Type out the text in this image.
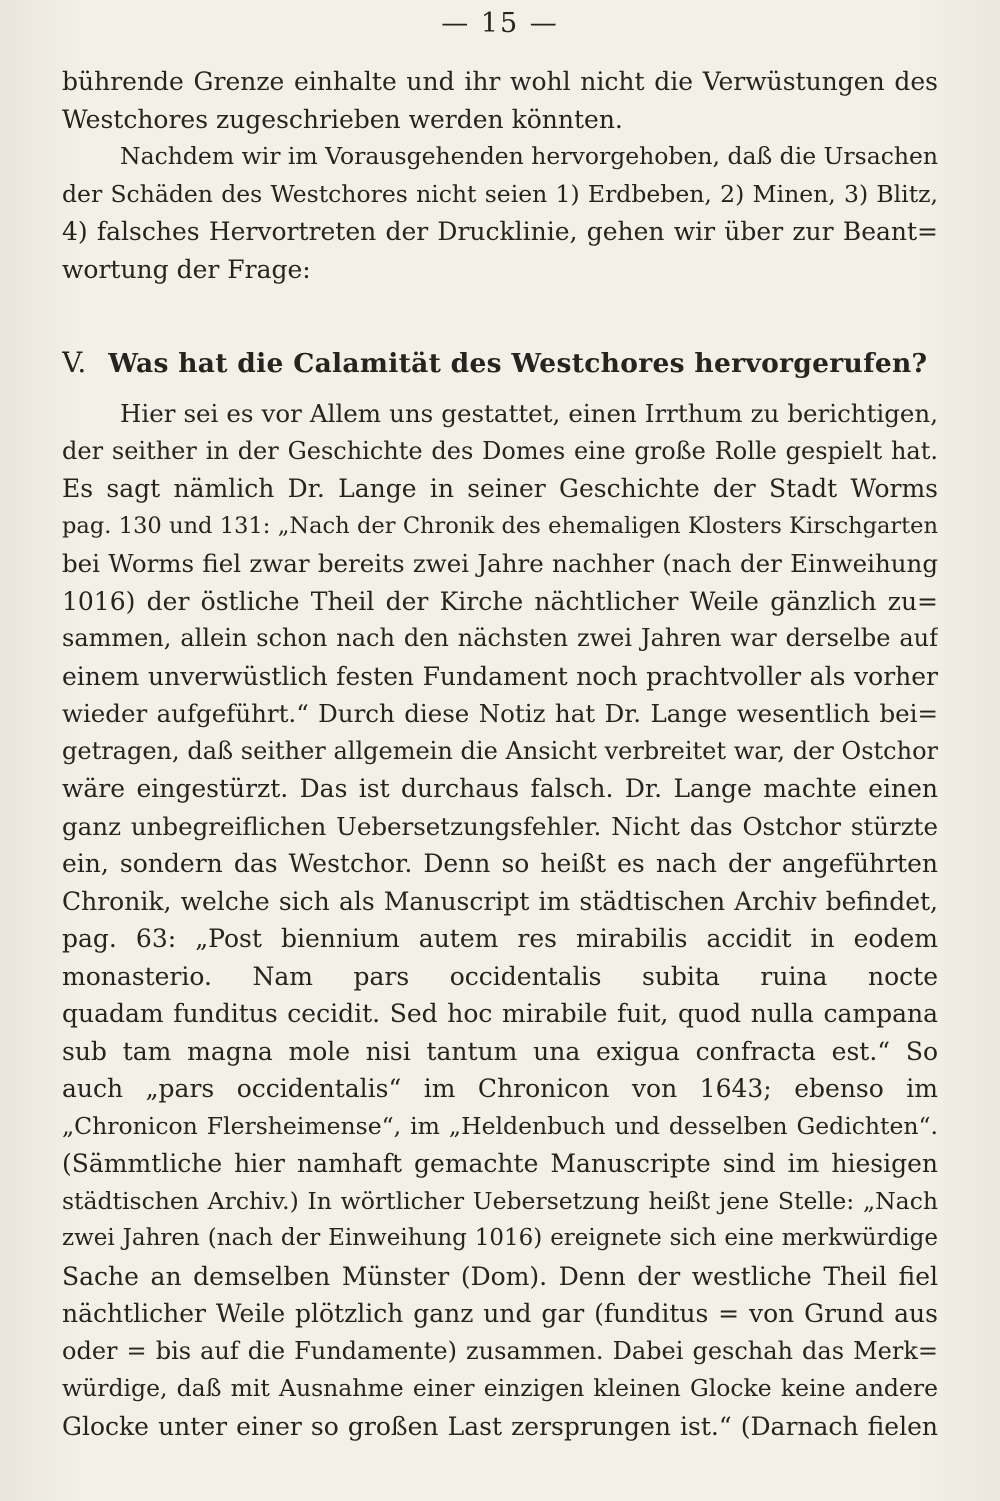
— 15 —
bührende Grenze einhalte und ihr wohl nicht die Verwüstungen des
Westchores zugeschrieben werden könnten.
Nachdem wir im Vorausgehenden hervorgehoben, daß die Ursachen
der Schäden des Westchores nicht seien 1) Erdbeben, 2) Minen, 3) Blitz,
4) falsches Hervortreten der Drucklinie, gehen wir über zur Beant=
wortung der Frage:
V. Was hat die Calamität des Westchores hervorgerufen?
Hier sei es vor Allem uns gestattet, einen Irrthum zu berichtigen,
der seither in der Geschichte des Domes eine große Rolle gespielt hat.
Es sagt nämlich Dr. Lange in seiner Geschichte der Stadt Worms
pag. 130 und 131: „Nach der Chronik des ehemaligen Klosters Kirschgarten
bei Worms fiel zwar bereits zwei Jahre nachher (nach der Einweihung
1016) der östliche Theil der Kirche nächtlicher Weile gänzlich zu=
sammen, allein schon nach den nächsten zwei Jahren war derselbe auf
einem unverwüstlich festen Fundament noch prachtvoller als vorher
wieder aufgeführt.“ Durch diese Notiz hat Dr. Lange wesentlich bei=
getragen, daß seither allgemein die Ansicht verbreitet war, der Ostchor
wäre eingestürzt. Das ist durchaus falsch. Dr. Lange machte einen
ganz unbegreiflichen Uebersetzungsfehler. Nicht das Ostchor stürzte
ein, sondern das Westchor. Denn so heißt es nach der angeführten
Chronik, welche sich als Manuscript im städtischen Archiv befindet,
pag. 63: „Post biennium autem res mirabilis accidit in eodem
monasterio. Nam pars occidentalis subita ruina nocte
quadam funditus cecidit. Sed hoc mirabile fuit, quod nulla campana
sub tam magna mole nisi tantum una exigua confracta est.“ So
auch „pars occidentalis“ im Chronicon von 1643; ebenso im
„Chronicon Flersheimense“, im „Heldenbuch und desselben Gedichten“.
(Sämmtliche hier namhaft gemachte Manuscripte sind im hiesigen
städtischen Archiv.) In wörtlicher Uebersetzung heißt jene Stelle: „Nach
zwei Jahren (nach der Einweihung 1016) ereignete sich eine merkwürdige
Sache an demselben Münster (Dom). Denn der westliche Theil fiel
nächtlicher Weile plötzlich ganz und gar (funditus = von Grund aus
oder = bis auf die Fundamente) zusammen. Dabei geschah das Merk=
würdige, daß mit Ausnahme einer einzigen kleinen Glocke keine andere
Glocke unter einer so großen Last zersprungen ist.“ (Darnach fielen
